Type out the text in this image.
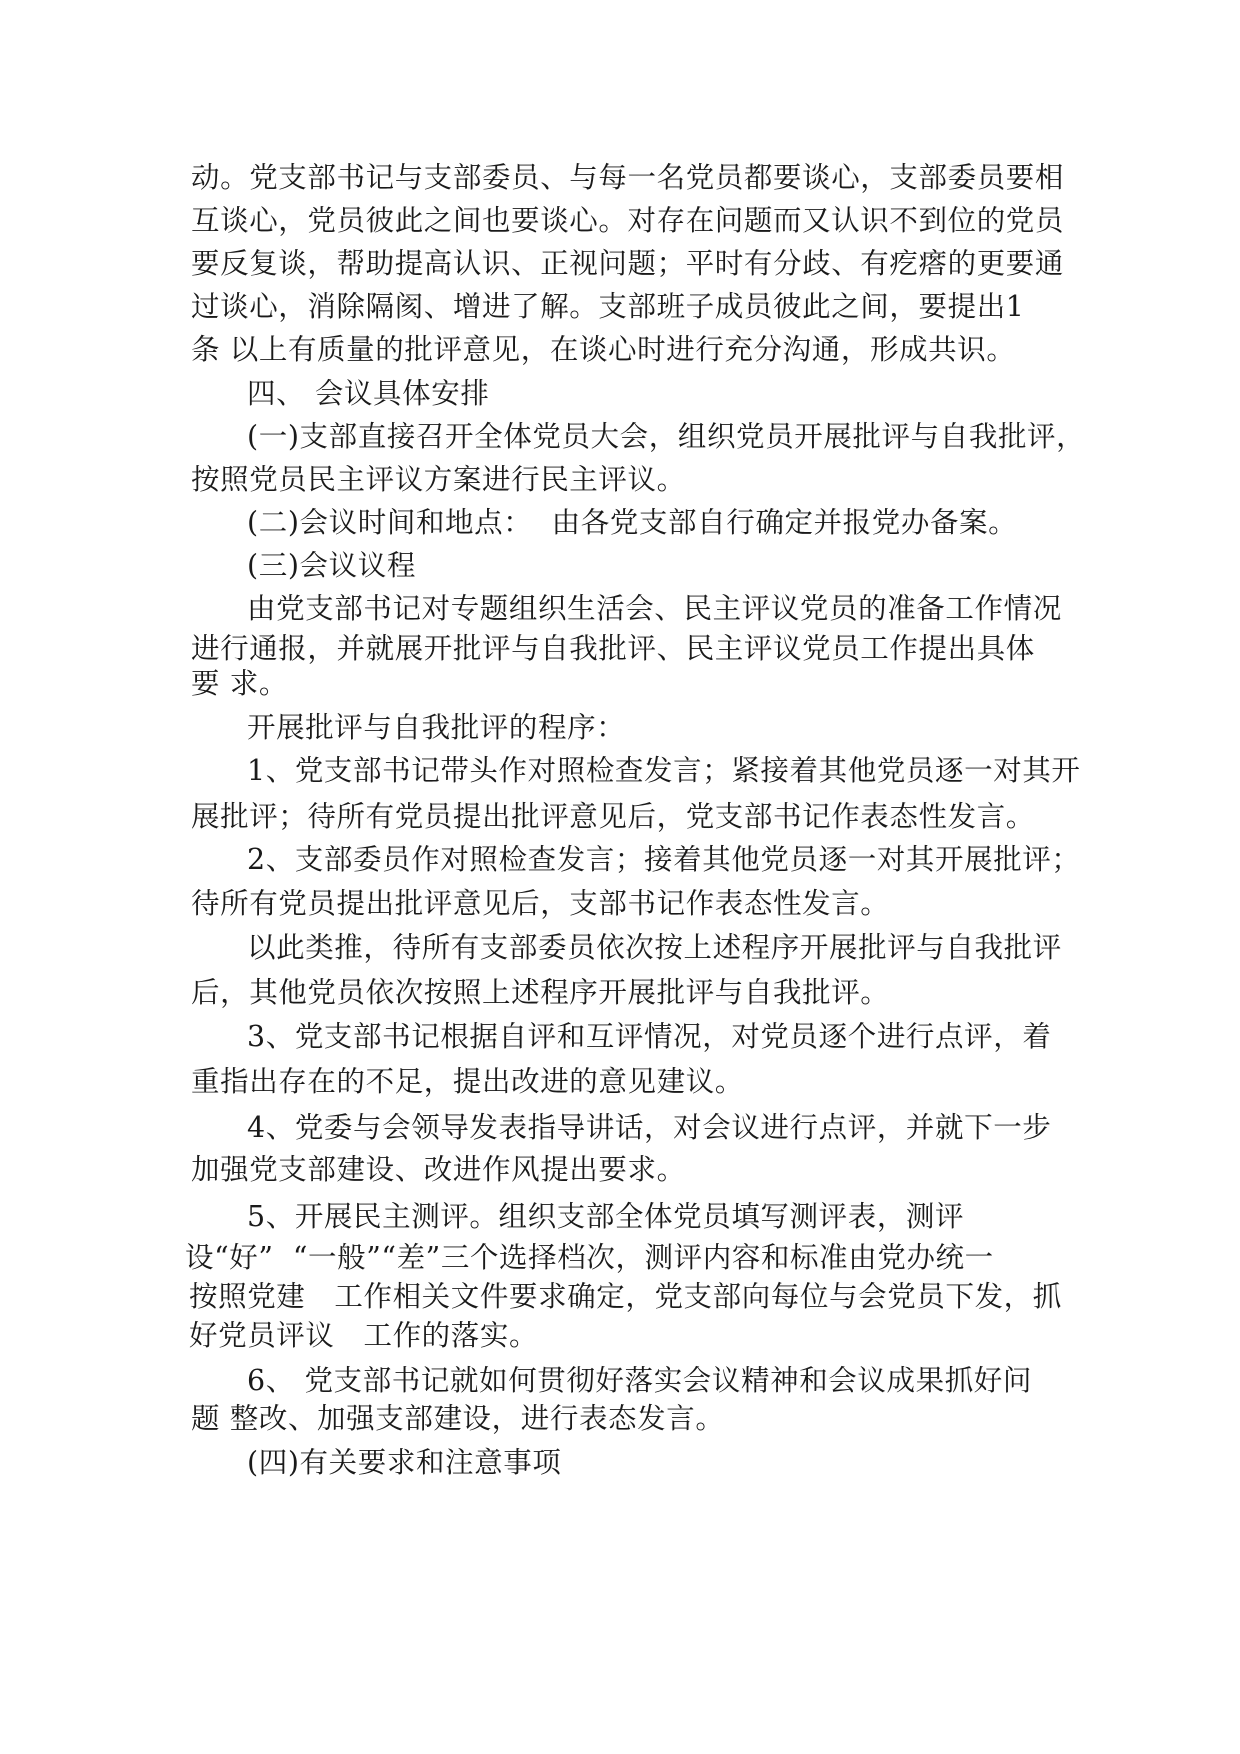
动。党支部书记与支部委员、与每一名党员都要谈心，支部委员要相
互谈心，党员彼此之间也要谈心。对存在问题而又认识不到位的党员
要反复谈，帮助提高认识、正视问题；平时有分歧、有疙瘩的更要通
过谈心，消除隔阂、增进了解。支部班子成员彼此之间，要提出1
条 以上有质量的批评意见，在谈心时进行充分沟通，形成共识。
四、 会议具体安排
(一)支部直接召开全体党员大会，组织党员开展批评与自我批评，
按照党员民主评议方案进行民主评议。
(二)会议时间和地点：  由各党支部自行确定并报党办备案。
(三)会议议程
由党支部书记对专题组织生活会、民主评议党员的准备工作情况
进行通报，并就展开批评与自我批评、民主评议党员工作提出具体
要 求。
开展批评与自我批评的程序：
1、党支部书记带头作对照检查发言；紧接着其他党员逐一对其开
展批评；待所有党员提出批评意见后，党支部书记作表态性发言。
2、支部委员作对照检查发言；接着其他党员逐一对其开展批评；
待所有党员提出批评意见后，支部书记作表态性发言。
以此类推，待所有支部委员依次按上述程序开展批评与自我批评
后，其他党员依次按照上述程序开展批评与自我批评。
3、党支部书记根据自评和互评情况，对党员逐个进行点评，着
重指出存在的不足，提出改进的意见建议。
4、党委与会领导发表指导讲话，对会议进行点评，并就下一步
加强党支部建设、改进作风提出要求。
5、开展民主测评。组织支部全体党员填写测评表，测评
设“好”  “一般”“差”三个选择档次，测评内容和标准由党办统一
按照党建   工作相关文件要求确定，党支部向每位与会党员下发，抓
好党员评议   工作的落实。
6、 党支部书记就如何贯彻好落实会议精神和会议成果抓好问
题 整改、加强支部建设，进行表态发言。
(四)有关要求和注意事项
